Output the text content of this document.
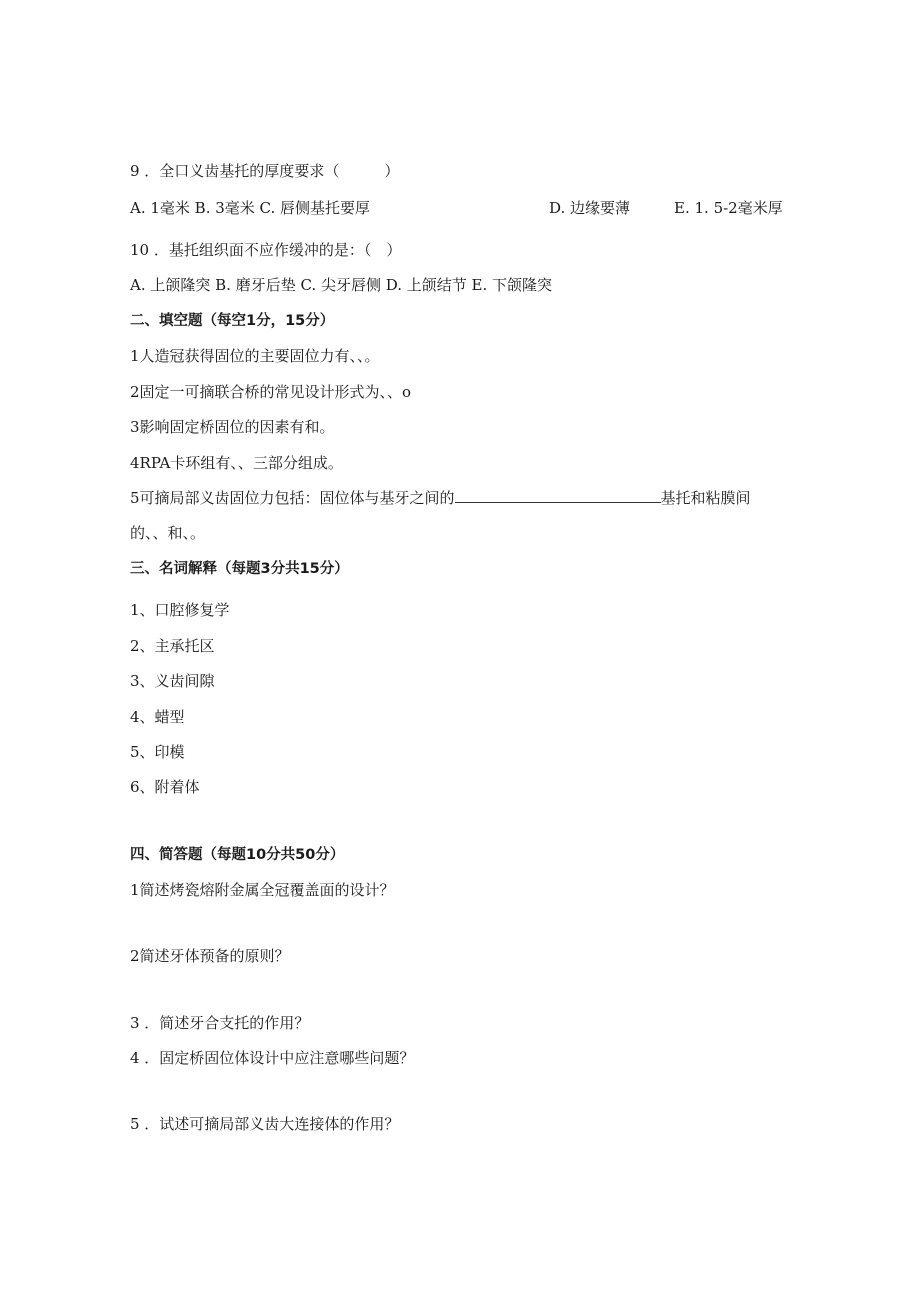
9 ．全口义齿基托的厚度要求（　　　）
A. 1毫米 B. 3毫米 C. 唇侧基托要厚	D. 边缘要薄	E. 1. 5-2毫米厚
10 ．基托组织面不应作缓冲的是：（　）
A. 上颌隆突 B. 磨牙后垫 C. 尖牙唇侧 D. 上颌结节 E. 下颌隆突
二、填空题（每空1分，15分）
1人造冠获得固位的主要固位力有、、。
2固定一可摘联合桥的常见设计形式为、、o
3影响固定桥固位的因素有和。
4RPA卡环组有、、三部分组成。
5可摘局部义齿固位力包括：固位体与基牙之间的	基托和粘膜间
的、、和、。
三、名词解释（每题3分共15分）
1、口腔修复学
2、主承托区
3、义齿间隙
4、蜡型
5、印模
6、附着体
四、简答题（每题10分共50分）
1简述烤瓷熔附金属全冠覆盖面的设计？
2简述牙体预备的原则？
3 ．简述牙合支托的作用？
4 ．固定桥固位体设计中应注意哪些问题？
5 ．试述可摘局部义齿大连接体的作用？
